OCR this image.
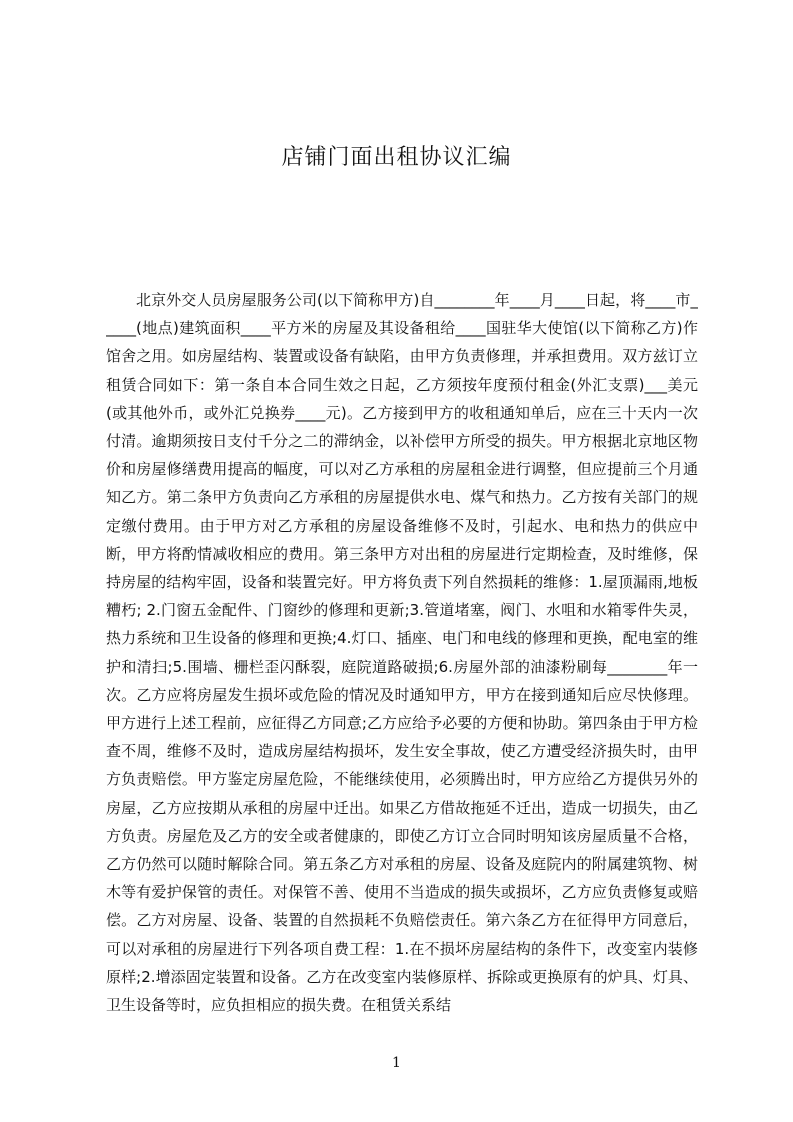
店铺门面出租协议汇编

北京外交人员房屋服务公司(以下简称甲方)自________年____月____日起，将____市_____(地点)建筑面积____平方米的房屋及其设备租给____国驻华大使馆(以下简称乙方)作馆舍之用。如房屋结构、装置或设备有缺陷，由甲方负责修理，并承担费用。双方兹订立租赁合同如下：第一条自本合同生效之日起，乙方须按年度预付租金(外汇支票)___美元(或其他外币，或外汇兑换券____元)。乙方接到甲方的收租通知单后，应在三十天内一次付清。逾期须按日支付千分之二的滞纳金，以补偿甲方所受的损失。甲方根据北京地区物价和房屋修缮费用提高的幅度，可以对乙方承租的房屋租金进行调整，但应提前三个月通知乙方。第二条甲方负责向乙方承租的房屋提供水电、煤气和热力。乙方按有关部门的规定缴付费用。由于甲方对乙方承租的房屋设备维修不及时，引起水、电和热力的供应中断，甲方将酌情减收相应的费用。第三条甲方对出租的房屋进行定期检查，及时维修，保持房屋的结构牢固，设备和装置完好。甲方将负责下列自然损耗的维修：1.屋顶漏雨,地板糟朽; 2.门窗五金配件、门窗纱的修理和更新;3.管道堵塞，阀门、水咀和水箱零件失灵，热力系统和卫生设备的修理和更换;4.灯口、插座、电门和电线的修理和更换，配电室的维护和清扫;5.围墙、栅栏歪闪酥裂，庭院道路破损;6.房屋外部的油漆粉刷每________年一次。乙方应将房屋发生损坏或危险的情况及时通知甲方，甲方在接到通知后应尽快修理。甲方进行上述工程前，应征得乙方同意;乙方应给予必要的方便和协助。第四条由于甲方检查不周，维修不及时，造成房屋结构损坏，发生安全事故，使乙方遭受经济损失时，由甲方负责赔偿。甲方鉴定房屋危险，不能继续使用，必须腾出时，甲方应给乙方提供另外的房屋，乙方应按期从承租的房屋中迁出。如果乙方借故拖延不迁出，造成一切损失，由乙方负责。房屋危及乙方的安全或者健康的，即使乙方订立合同时明知该房屋质量不合格，乙方仍然可以随时解除合同。第五条乙方对承租的房屋、设备及庭院内的附属建筑物、树木等有爱护保管的责任。对保管不善、使用不当造成的损失或损坏，乙方应负责修复或赔偿。乙方对房屋、设备、装置的自然损耗不负赔偿责任。第六条乙方在征得甲方同意后，可以对承租的房屋进行下列各项自费工程：1.在不损坏房屋结构的条件下，改变室内装修原样;2.增添固定装置和设备。乙方在改变室内装修原样、拆除或更换原有的炉具、灯具、卫生设备等时，应负担相应的损失费。在租赁关系结

1
